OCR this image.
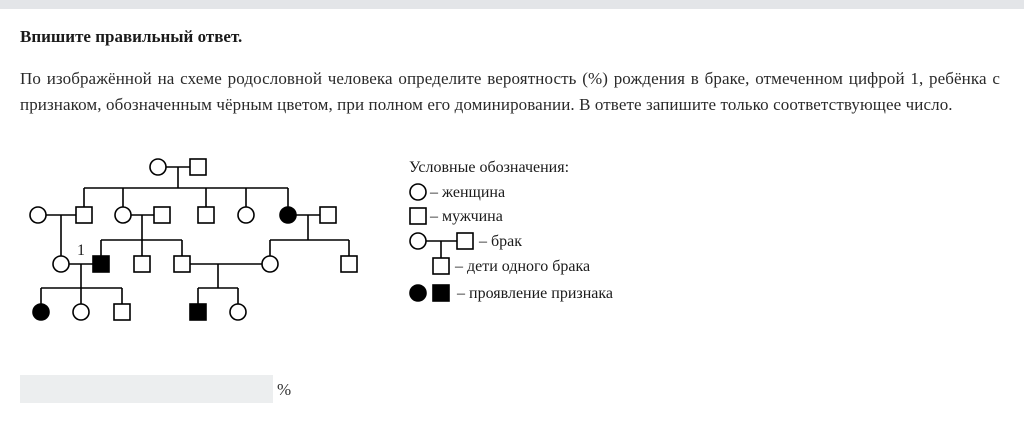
Впишите правильный ответ.
По изображённой на схеме родословной человека определите вероятность (%) рождения в браке, отмеченном цифрой 1, ребёнка с признаком, обозначенным чёрным цветом, при полном его доминировании. В ответе запишите только соответствующее число.
1
Условные обозначения:
– женщина
– мужчина
– брак
– дети одного брака
– проявление признака
%
